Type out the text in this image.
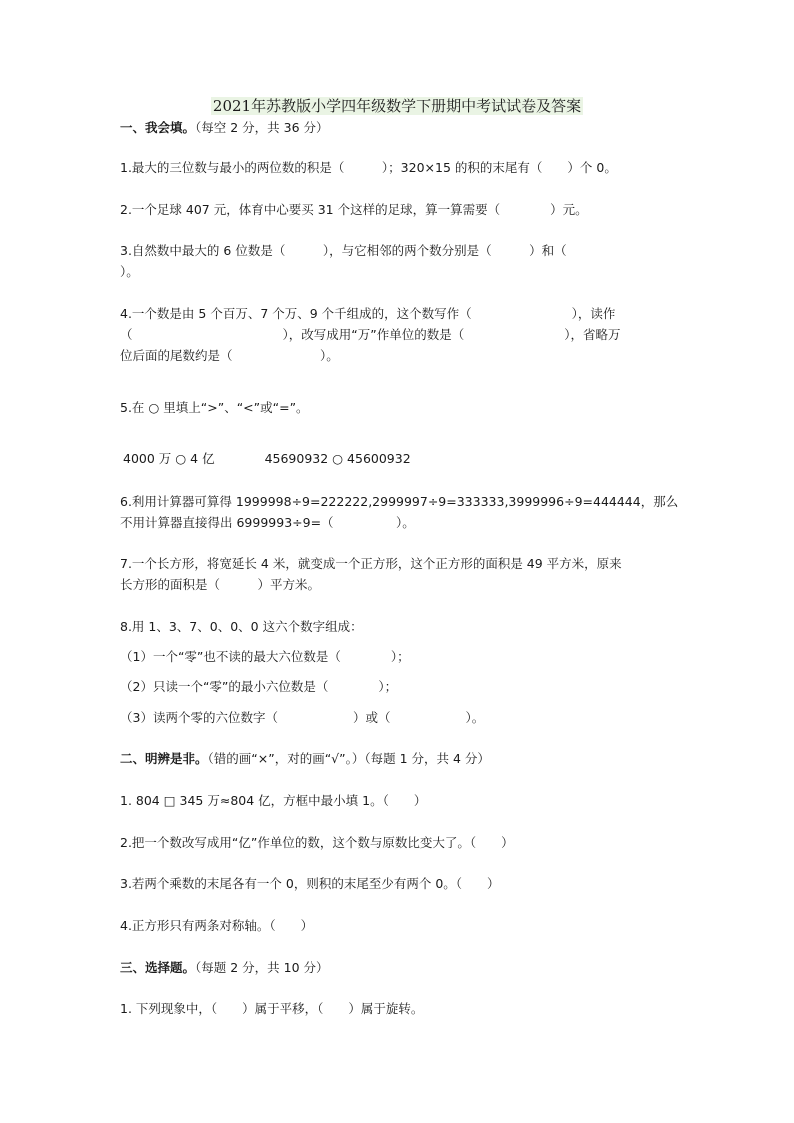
2021年苏教版小学四年级数学下册期中考试试卷及答案
一、我会填。（每空 2 分，共 36 分）
1.最大的三位数与最小的两位数的积是（　　　）；320×15 的积的末尾有（　　）个 0。
2.一个足球 407 元，体育中心要买 31 个这样的足球，算一算需要（　　　　）元。
3.自然数中最大的 6 位数是（　　　），与它相邻的两个数分别是（　　　）和（
）。
4.一个数是由 5 个百万、7 个万、9 个千组成的，这个数写作（　　　　　　　　），读作
（　　　　　　　　　　　　），改写成用“万”作单位的数是（　　　　　　　　），省略万
位后面的尾数约是（　　　　　　　）。
5.在 ○ 里填上“>”、“<”或“=”。
4000 万 ○ 4 亿　　　　45690932 ○ 45600932
6.利用计算器可算得 1999998÷9=222222,2999997÷9=333333,3999996÷9=444444，那么
不用计算器直接得出 6999993÷9=（　　　　　）。
7.一个长方形，将宽延长 4 米，就变成一个正方形，这个正方形的面积是 49 平方米，原来
长方形的面积是（　　　）平方米。
8.用 1、3、7、0、0、0 这六个数字组成：
（1）一个“零”也不读的最大六位数是（　　　　）；
（2）只读一个“零”的最小六位数是（　　　　）；
（3）读两个零的六位数字（　　　　　　）或（　　　　　　）。
二、明辨是非。（错的画“×”，对的画“√”。）（每题 1 分，共 4 分）
1. 804 □ 345 万≈804 亿，方框中最小填 1。（　　）
2.把一个数改写成用“亿”作单位的数，这个数与原数比变大了。（　　）
3.若两个乘数的末尾各有一个 0，则积的末尾至少有两个 0。（　　）
4.正方形只有两条对称轴。（　　）
三、选择题。（每题 2 分，共 10 分）
1. 下列现象中，（　　）属于平移，（　　）属于旋转。
